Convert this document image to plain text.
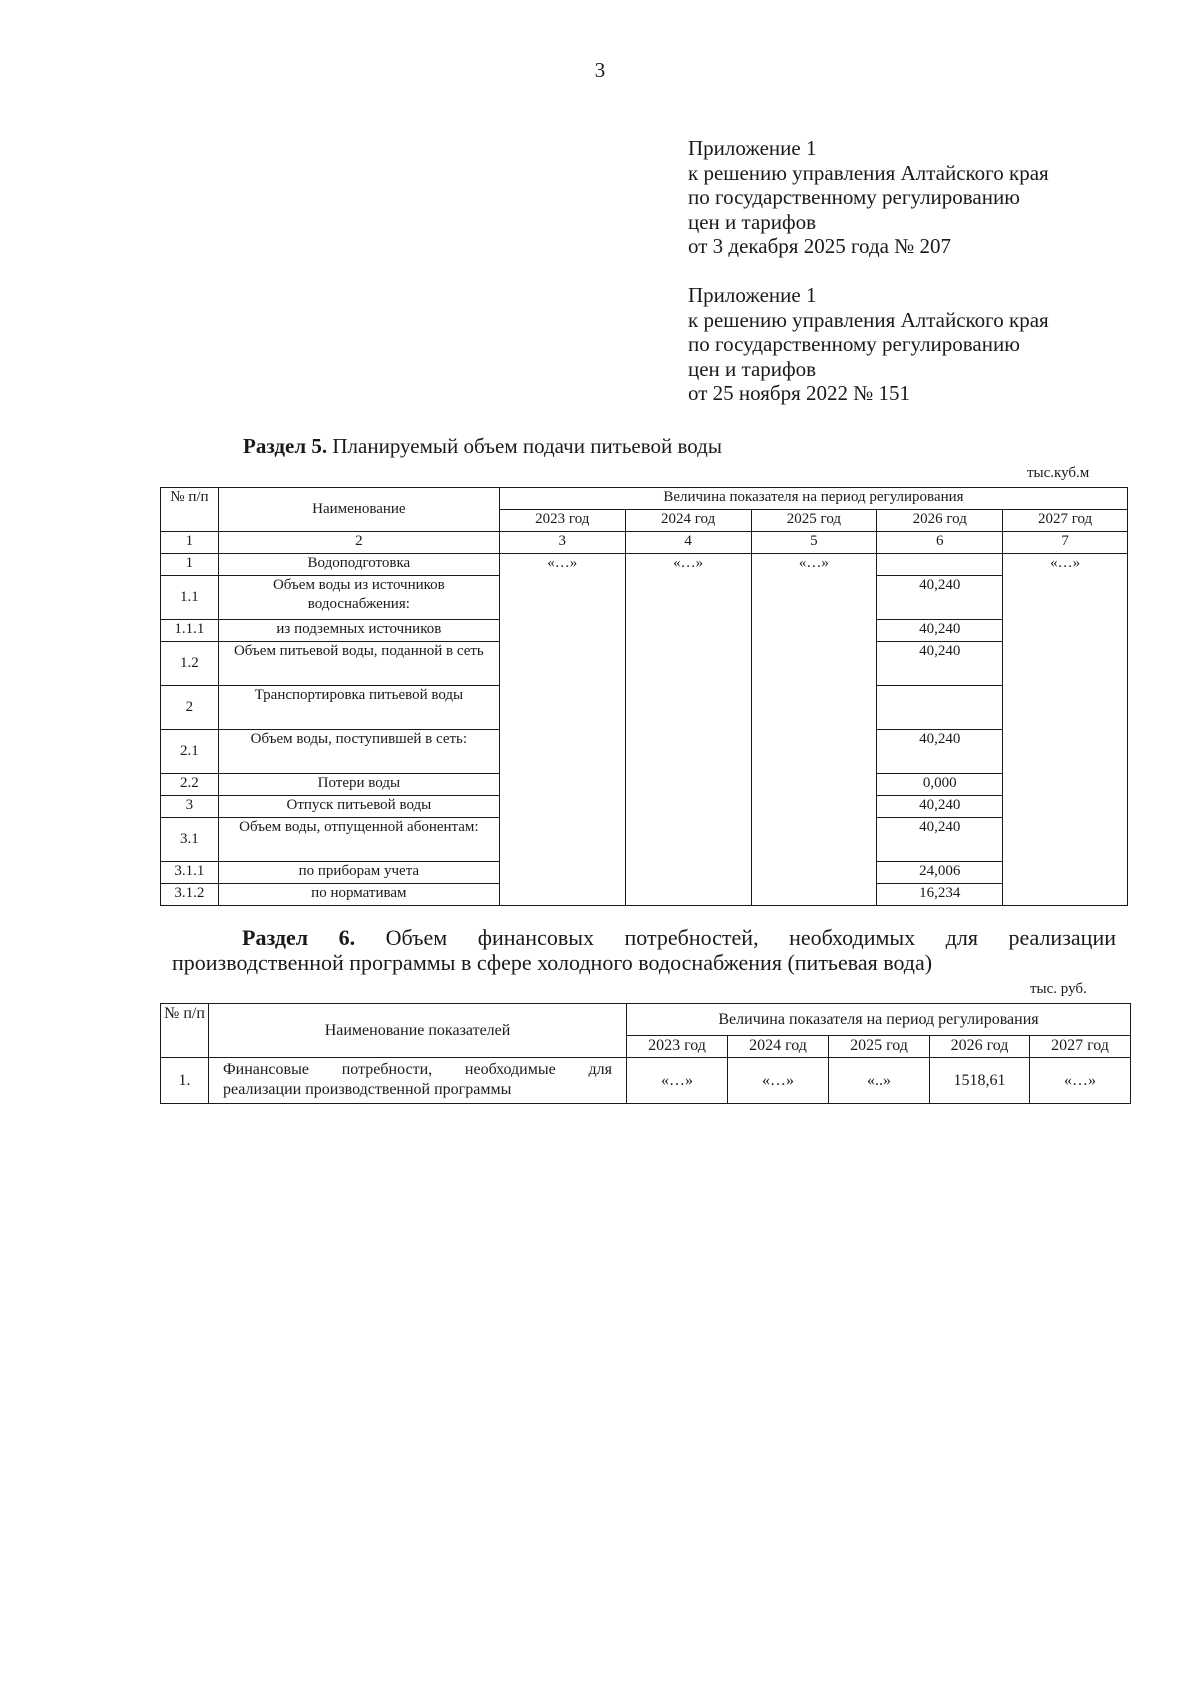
3
Приложение 1
к решению управления Алтайского края
по государственному регулированию
цен и тарифов
от 3 декабря 2025 года № 207
Приложение 1
к решению управления Алтайского края
по государственному регулированию
цен и тарифов
от 25 ноября 2022 № 151
Раздел 5. Планируемый объем подачи питьевой воды
тыс.куб.м
№ п/п	Наименование	Величина показателя на период регулирования				
		2023 год	2024 год	2025 год	2026 год	2027 год
1	2	3	4	5	6	7
1	Водоподготовка	«…»	«…»	«…»		«…»
1.1	Объем воды из источников водоснабжения:				40,240	
1.1.1	из подземных источников				40,240	
1.2	Объем питьевой воды, поданной в сеть				40,240	
2	Транспортировка питьевой воды					
2.1	Объем воды, поступившей в сеть:				40,240	
2.2	Потери воды				0,000	
3	Отпуск питьевой воды				40,240	
3.1	Объем воды, отпущенной абонентам:				40,240	
3.1.1	по приборам учета				24,006	
3.1.2	по нормативам				16,234	
Раздел 6. Объем финансовых потребностей, необходимых для реализации
производственной программы в сфере холодного водоснабжения (питьевая вода)
тыс. руб.
№ п/п	Наименование показателей	Величина показателя на период регулирования				
		2023 год	2024 год	2025 год	2026 год	2027 год
1.	Финансовые потребности, необходимые для
реализации производственной программы	«…»	«…»	«..»	1518,61	«…»
